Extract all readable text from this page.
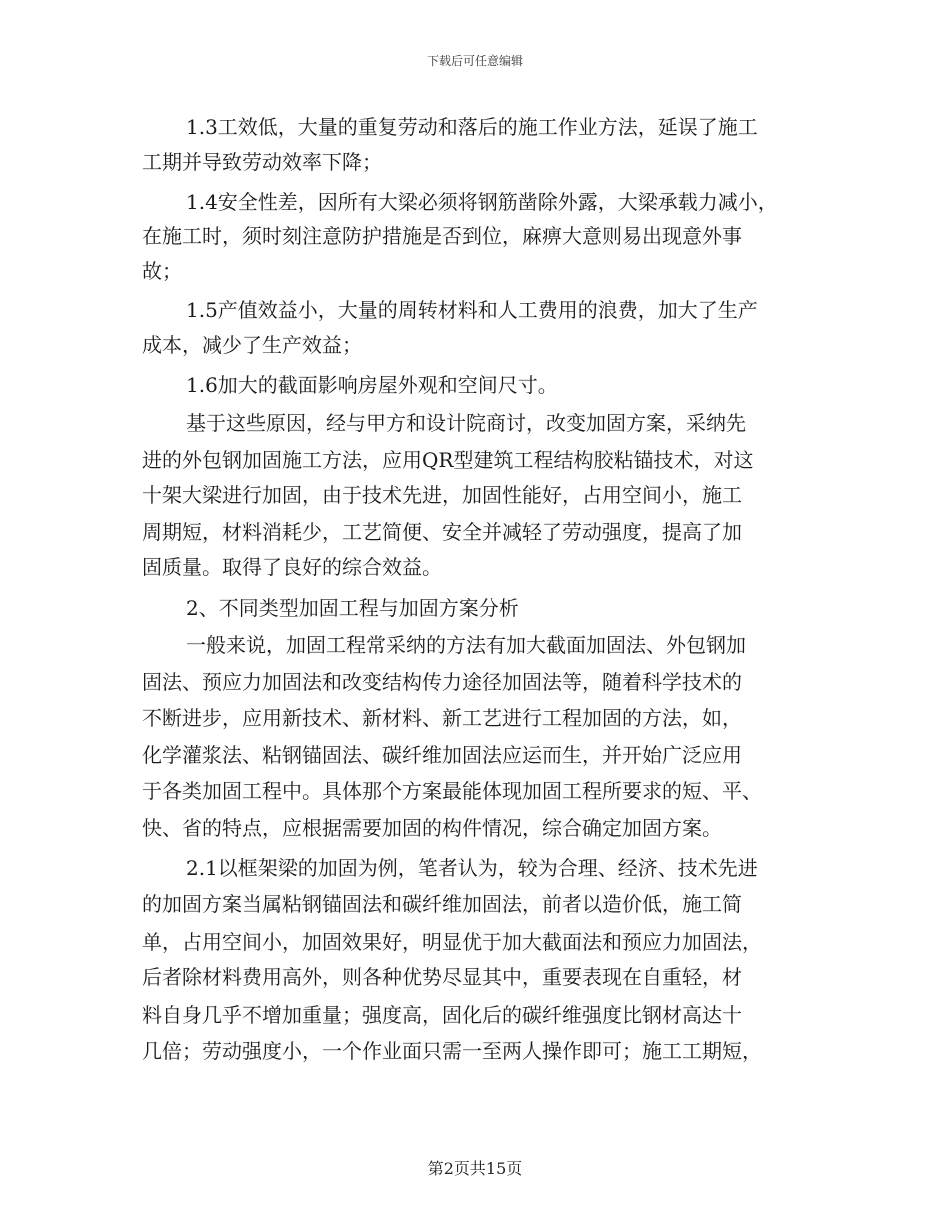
下载后可任意编辑
1.3工效低，大量的重复劳动和落后的施工作业方法，延误了施工
工期并导致劳动效率下降；
1.4安全性差，因所有大梁必须将钢筋凿除外露，大梁承载力减小，
在施工时，须时刻注意防护措施是否到位，麻痹大意则易出现意外事
故；
1.5产值效益小，大量的周转材料和人工费用的浪费，加大了生产
成本，减少了生产效益；
1.6加大的截面影响房屋外观和空间尺寸。
基于这些原因，经与甲方和设计院商讨，改变加固方案，采纳先
进的外包钢加固施工方法，应用QR型建筑工程结构胶粘锚技术，对这
十架大梁进行加固，由于技术先进，加固性能好，占用空间小，施工
周期短，材料消耗少，工艺简便、安全并减轻了劳动强度，提高了加
固质量。取得了良好的综合效益。
2、不同类型加固工程与加固方案分析
一般来说，加固工程常采纳的方法有加大截面加固法、外包钢加
固法、预应力加固法和改变结构传力途径加固法等，随着科学技术的
不断进步，应用新技术、新材料、新工艺进行工程加固的方法，如，
化学灌浆法、粘钢锚固法、碳纤维加固法应运而生，并开始广泛应用
于各类加固工程中。具体那个方案最能体现加固工程所要求的短、平、
快、省的特点，应根据需要加固的构件情况，综合确定加固方案。
2.1以框架梁的加固为例，笔者认为，较为合理、经济、技术先进
的加固方案当属粘钢锚固法和碳纤维加固法，前者以造价低，施工简
单，占用空间小，加固效果好，明显优于加大截面法和预应力加固法，
后者除材料费用高外，则各种优势尽显其中，重要表现在自重轻，材
料自身几乎不增加重量；强度高，固化后的碳纤维强度比钢材高达十
几倍；劳动强度小，一个作业面只需一至两人操作即可；施工工期短，
第2页共15页
